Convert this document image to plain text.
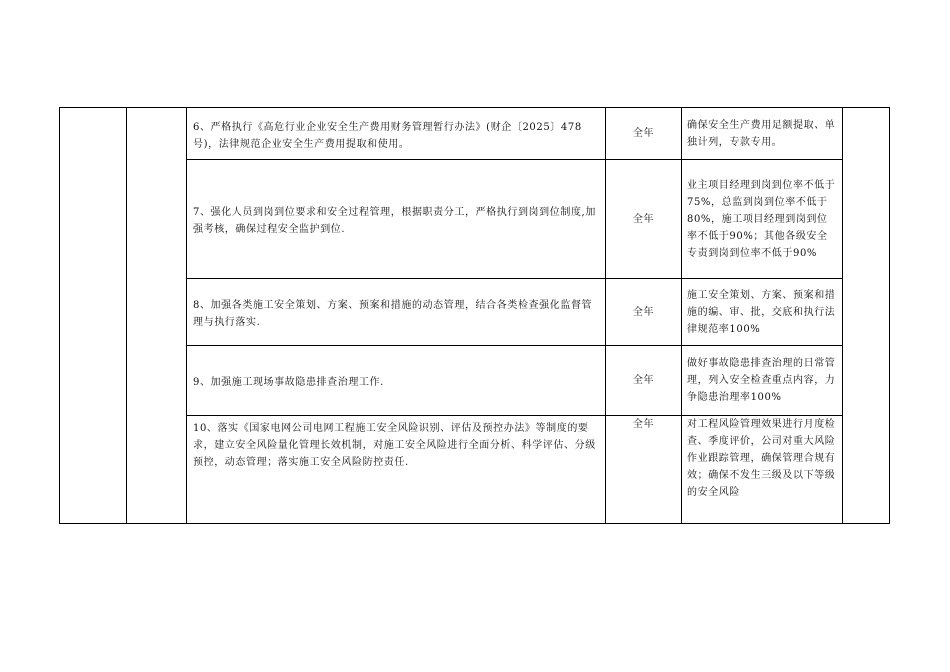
		6、严格执行《高危行业企业安全生产费用财务管理暂行办法》(财企〔2025〕478号)，法律规范企业安全生产费用提取和使用。	全年	确保安全生产费用足额提取、单独计列，专款专用。	
		7、强化人员到岗到位要求和安全过程管理，根据职责分工，严格执行到岗到位制度,加强考核，确保过程安全监护到位.	全年	业主项目经理到岗到位率不低于75%，总监到岗到位率不低于80%，施工项目经理到岗到位率不低于90%；其他各级安全专责到岗到位率不低于90%	
		8、加强各类施工安全策划、方案、预案和措施的动态管理，结合各类检查强化监督管理与执行落实.	全年	施工安全策划、方案、预案和措施的编、审、批，交底和执行法律规范率100%	
		9、加强施工现场事故隐患排查治理工作.	全年	做好事故隐患排查治理的日常管理，列入安全检查重点内容，力争隐患治理率100%	
		10、落实《国家电网公司电网工程施工安全风险识别、评估及预控办法》等制度的要求，建立安全风险量化管理长效机制，对施工安全风险进行全面分析、科学评估、分级预控，动态管理；落实施工安全风险防控责任.	全年	对工程风险管理效果进行月度检查、季度评价，公司对重大风险作业跟踪管理，确保管理合规有效；确保不发生三级及以下等级的安全风险	
